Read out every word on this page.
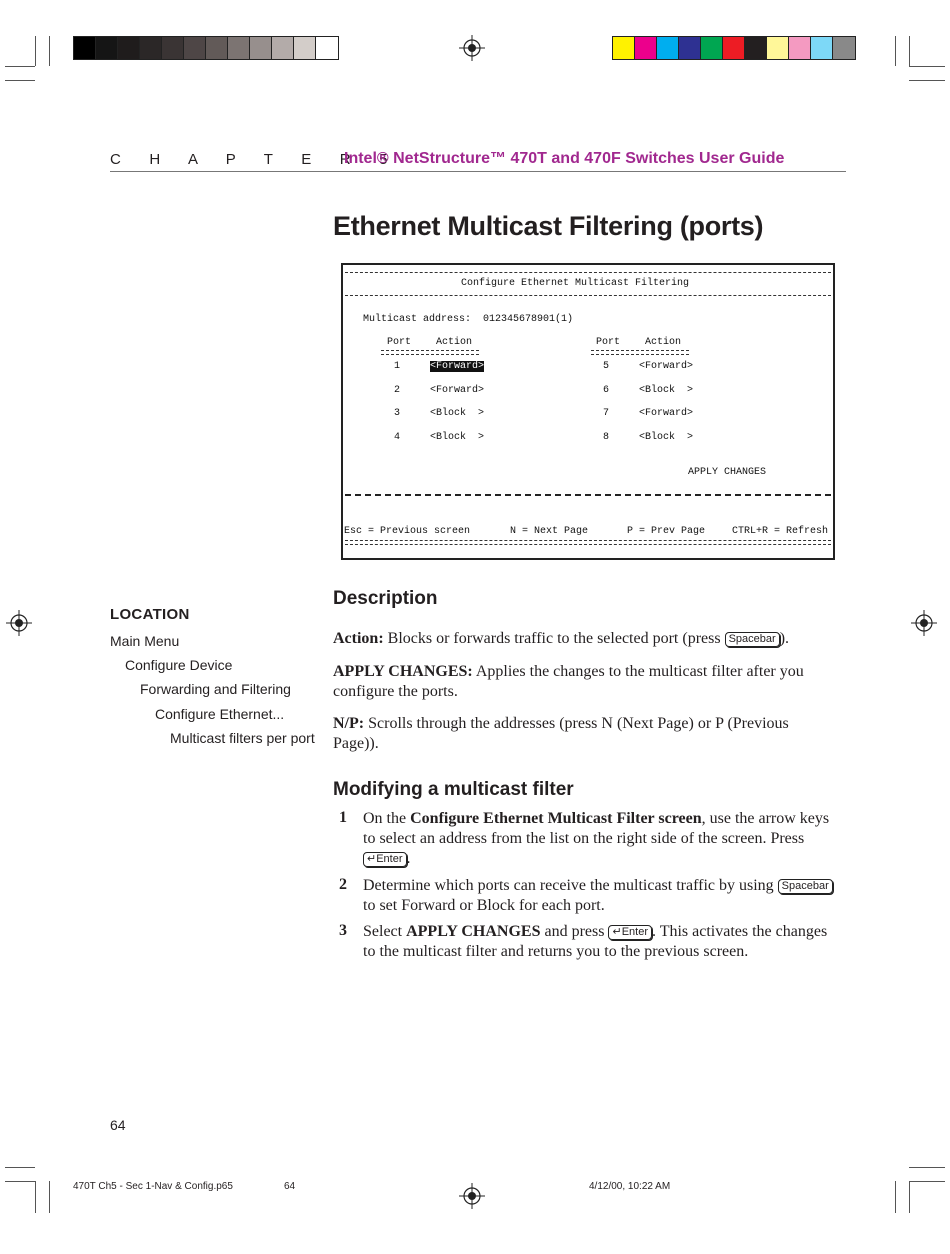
C H A P T E R 5
Intel® NetStructure™ 470T and 470F Switches User Guide
Ethernet Multicast Filtering (ports)
Configure Ethernet Multicast Filtering
Multicast address:  012345678901(1)
Port Action	Port Action
1	<Forward>
2	<Forward>
3	<Block  >
4	<Block  >
5	<Forward>
6	<Block  >
7	<Forward>
8	<Block  >
APPLY CHANGES
Esc = Previous screen	N = Next Page	P = Prev Page	CTRL+R = Refresh
LOCATION
Main Menu
Configure Device
Forwarding and Filtering
Configure Ethernet...
Multicast filters per port
Description
Action: Blocks or forwards traffic to the selected port (press Spacebar ).
APPLY CHANGES: Applies the changes to the multicast filter after you configure the ports.
N/P: Scrolls through the addresses (press N (Next Page) or P (Previous Page)).
Modifying a multicast filter
1 On the Configure Ethernet Multicast Filter screen, use the arrow keys to select an address from the list on the right side of the screen. Press ↵Enter .
2 Determine which ports can receive the multicast traffic by using Spacebar to set Forward or Block for each port.
3 Select APPLY CHANGES and press ↵Enter . This activates the changes to the multicast filter and returns you to the previous screen.
64
470T Ch5 - Sec 1-Nav & Config.p65	64	4/12/00, 10:22 AM
